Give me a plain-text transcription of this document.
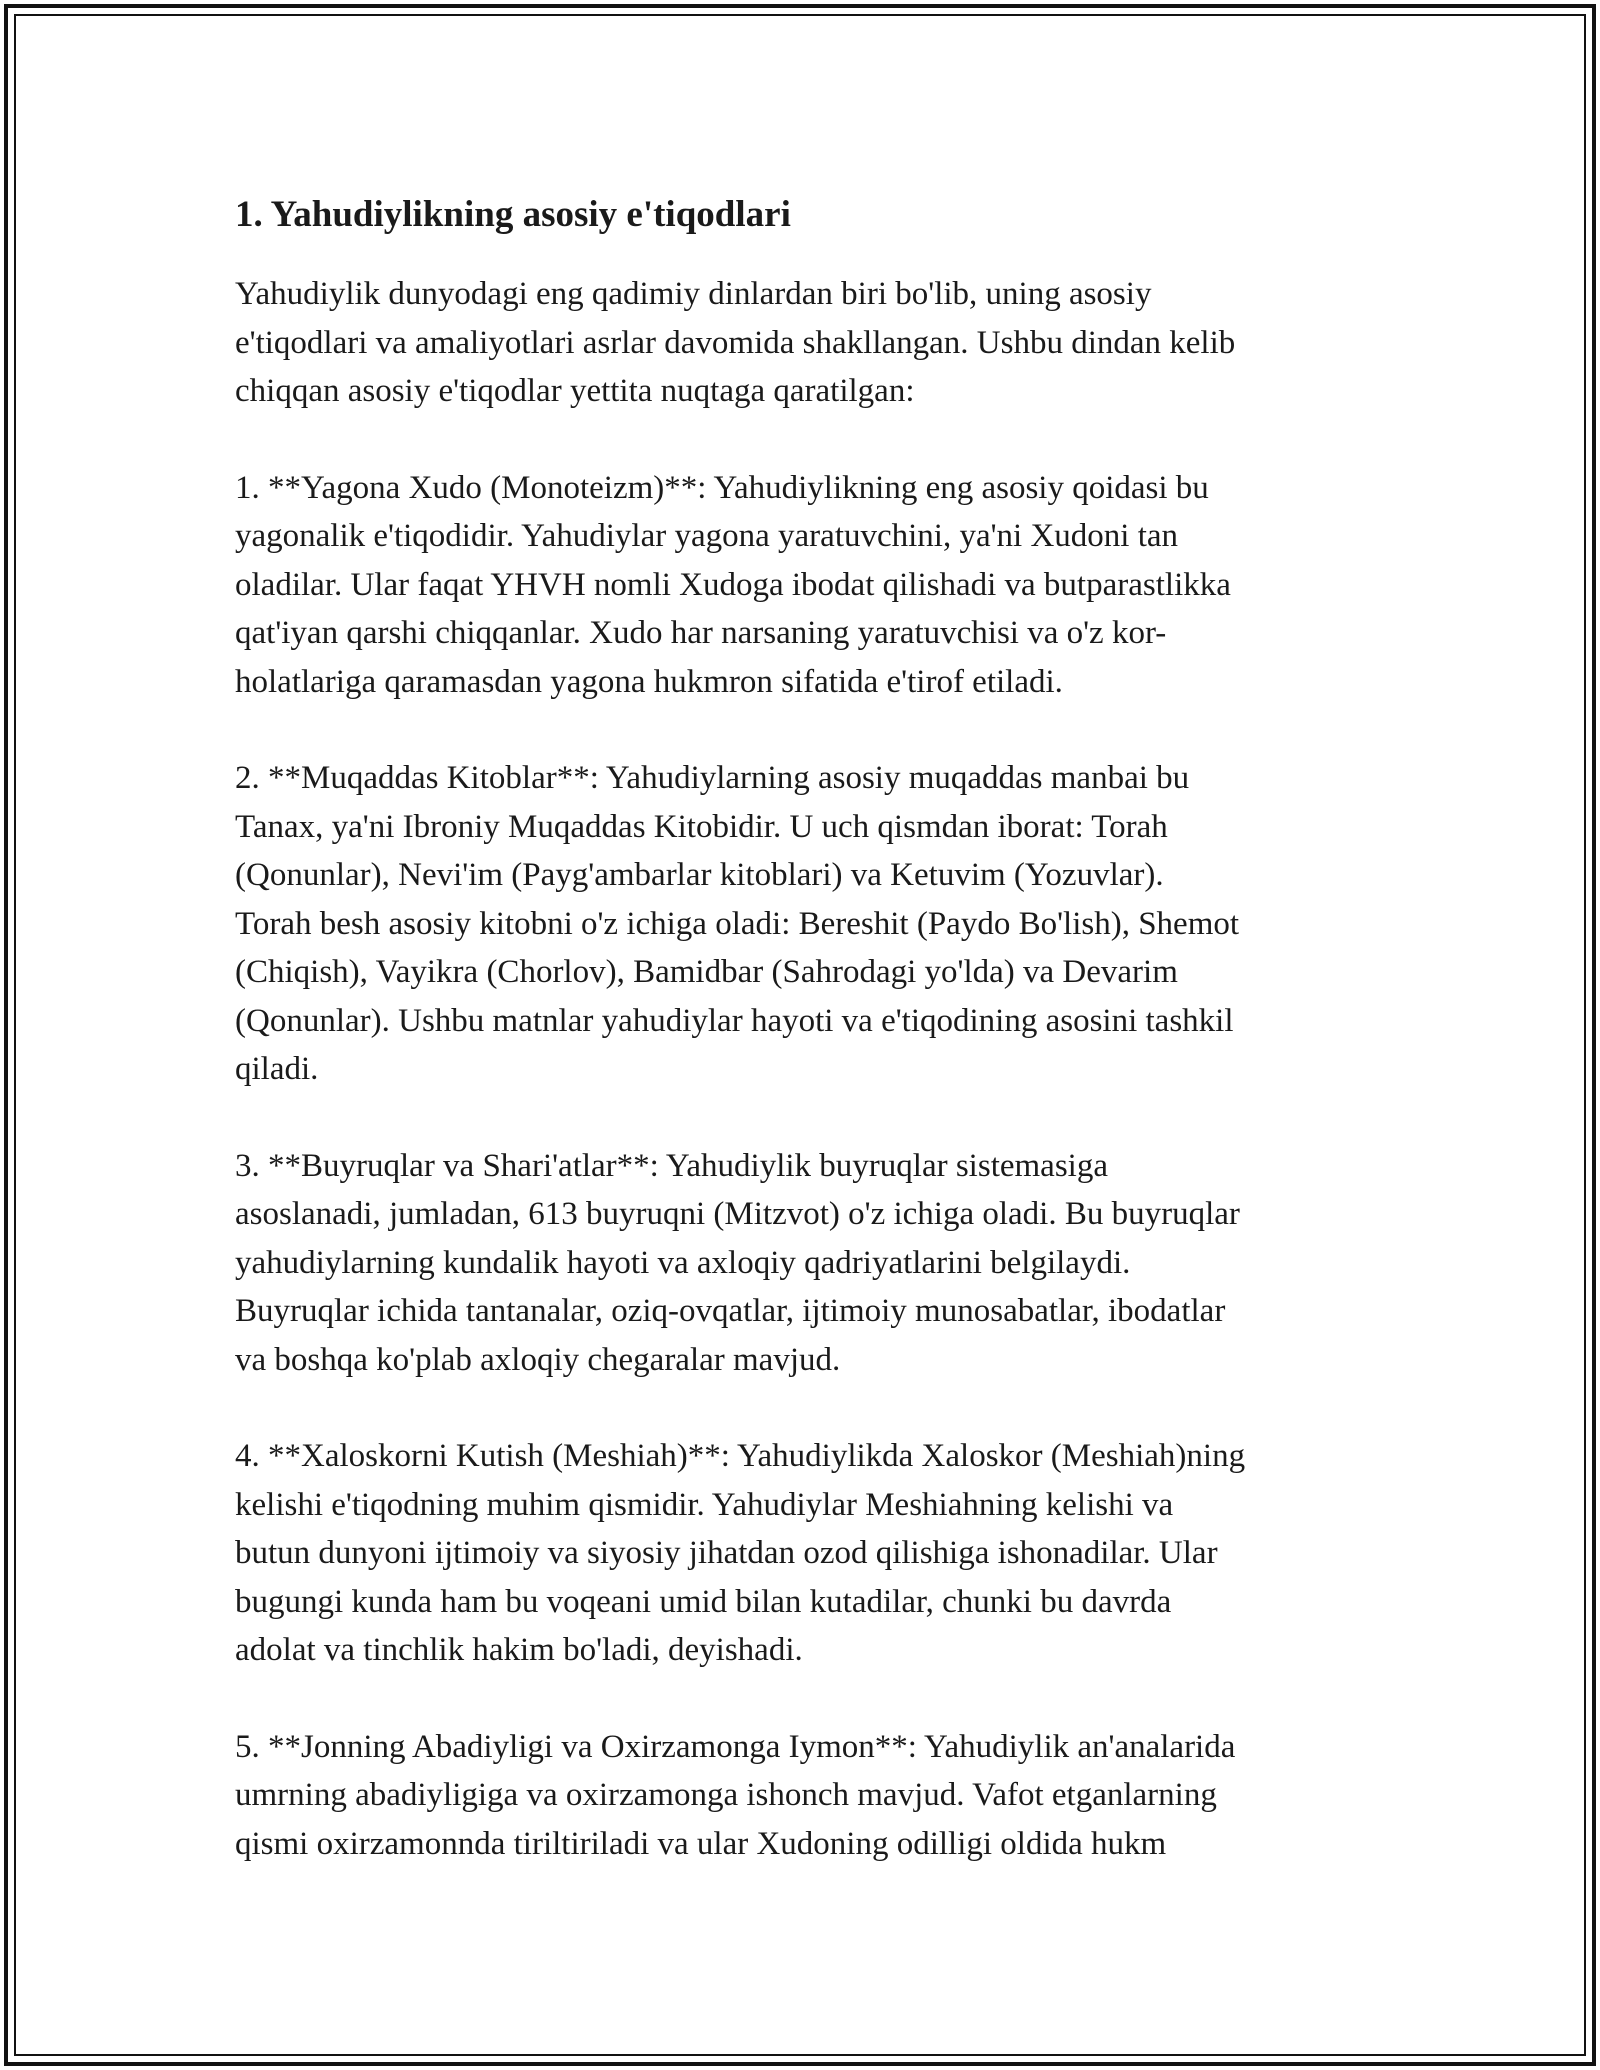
1. Yahudiylikning asosiy e'tiqodlari

Yahudiylik dunyodagi eng qadimiy dinlardan biri bo'lib, uning asosiy
e'tiqodlari va amaliyotlari asrlar davomida shakllangan. Ushbu dindan kelib
chiqqan asosiy e'tiqodlar yettita nuqtaga qaratilgan:

1. **Yagona Xudo (Monoteizm)**: Yahudiylikning eng asosiy qoidasi bu
yagonalik e'tiqodidir. Yahudiylar yagona yaratuvchini, ya'ni Xudoni tan
oladilar. Ular faqat YHVH nomli Xudoga ibodat qilishadi va butparastlikka
qat'iyan qarshi chiqqanlar. Xudo har narsaning yaratuvchisi va o'z kor-
holatlariga qaramasdan yagona hukmron sifatida e'tirof etiladi.

2. **Muqaddas Kitoblar**: Yahudiylarning asosiy muqaddas manbai bu
Tanax, ya'ni Ibroniy Muqaddas Kitobidir. U uch qismdan iborat: Torah
(Qonunlar), Nevi'im (Payg'ambarlar kitoblari) va Ketuvim (Yozuvlar).
Torah besh asosiy kitobni o'z ichiga oladi: Bereshit (Paydo Bo'lish), Shemot
(Chiqish), Vayikra (Chorlov), Bamidbar (Sahrodagi yo'lda) va Devarim
(Qonunlar). Ushbu matnlar yahudiylar hayoti va e'tiqodining asosini tashkil
qiladi.

3. **Buyruqlar va Shari'atlar**: Yahudiylik buyruqlar sistemasiga
asoslanadi, jumladan, 613 buyruqni (Mitzvot) o'z ichiga oladi. Bu buyruqlar
yahudiylarning kundalik hayoti va axloqiy qadriyatlarini belgilaydi.
Buyruqlar ichida tantanalar, oziq-ovqatlar, ijtimoiy munosabatlar, ibodatlar
va boshqa ko'plab axloqiy chegaralar mavjud.

4. **Xaloskorni Kutish (Meshiah)**: Yahudiylikda Xaloskor (Meshiah)ning
kelishi e'tiqodning muhim qismidir. Yahudiylar Meshiahning kelishi va
butun dunyoni ijtimoiy va siyosiy jihatdan ozod qilishiga ishonadilar. Ular
bugungi kunda ham bu voqeani umid bilan kutadilar, chunki bu davrda
adolat va tinchlik hakim bo'ladi, deyishadi.

5. **Jonning Abadiyligi va Oxirzamonga Iymon**: Yahudiylik an'analarida
umrning abadiyligiga va oxirzamonga ishonch mavjud. Vafot etganlarning
qismi oxirzamonnda tiriltiriladi va ular Xudoning odilligi oldida hukm
